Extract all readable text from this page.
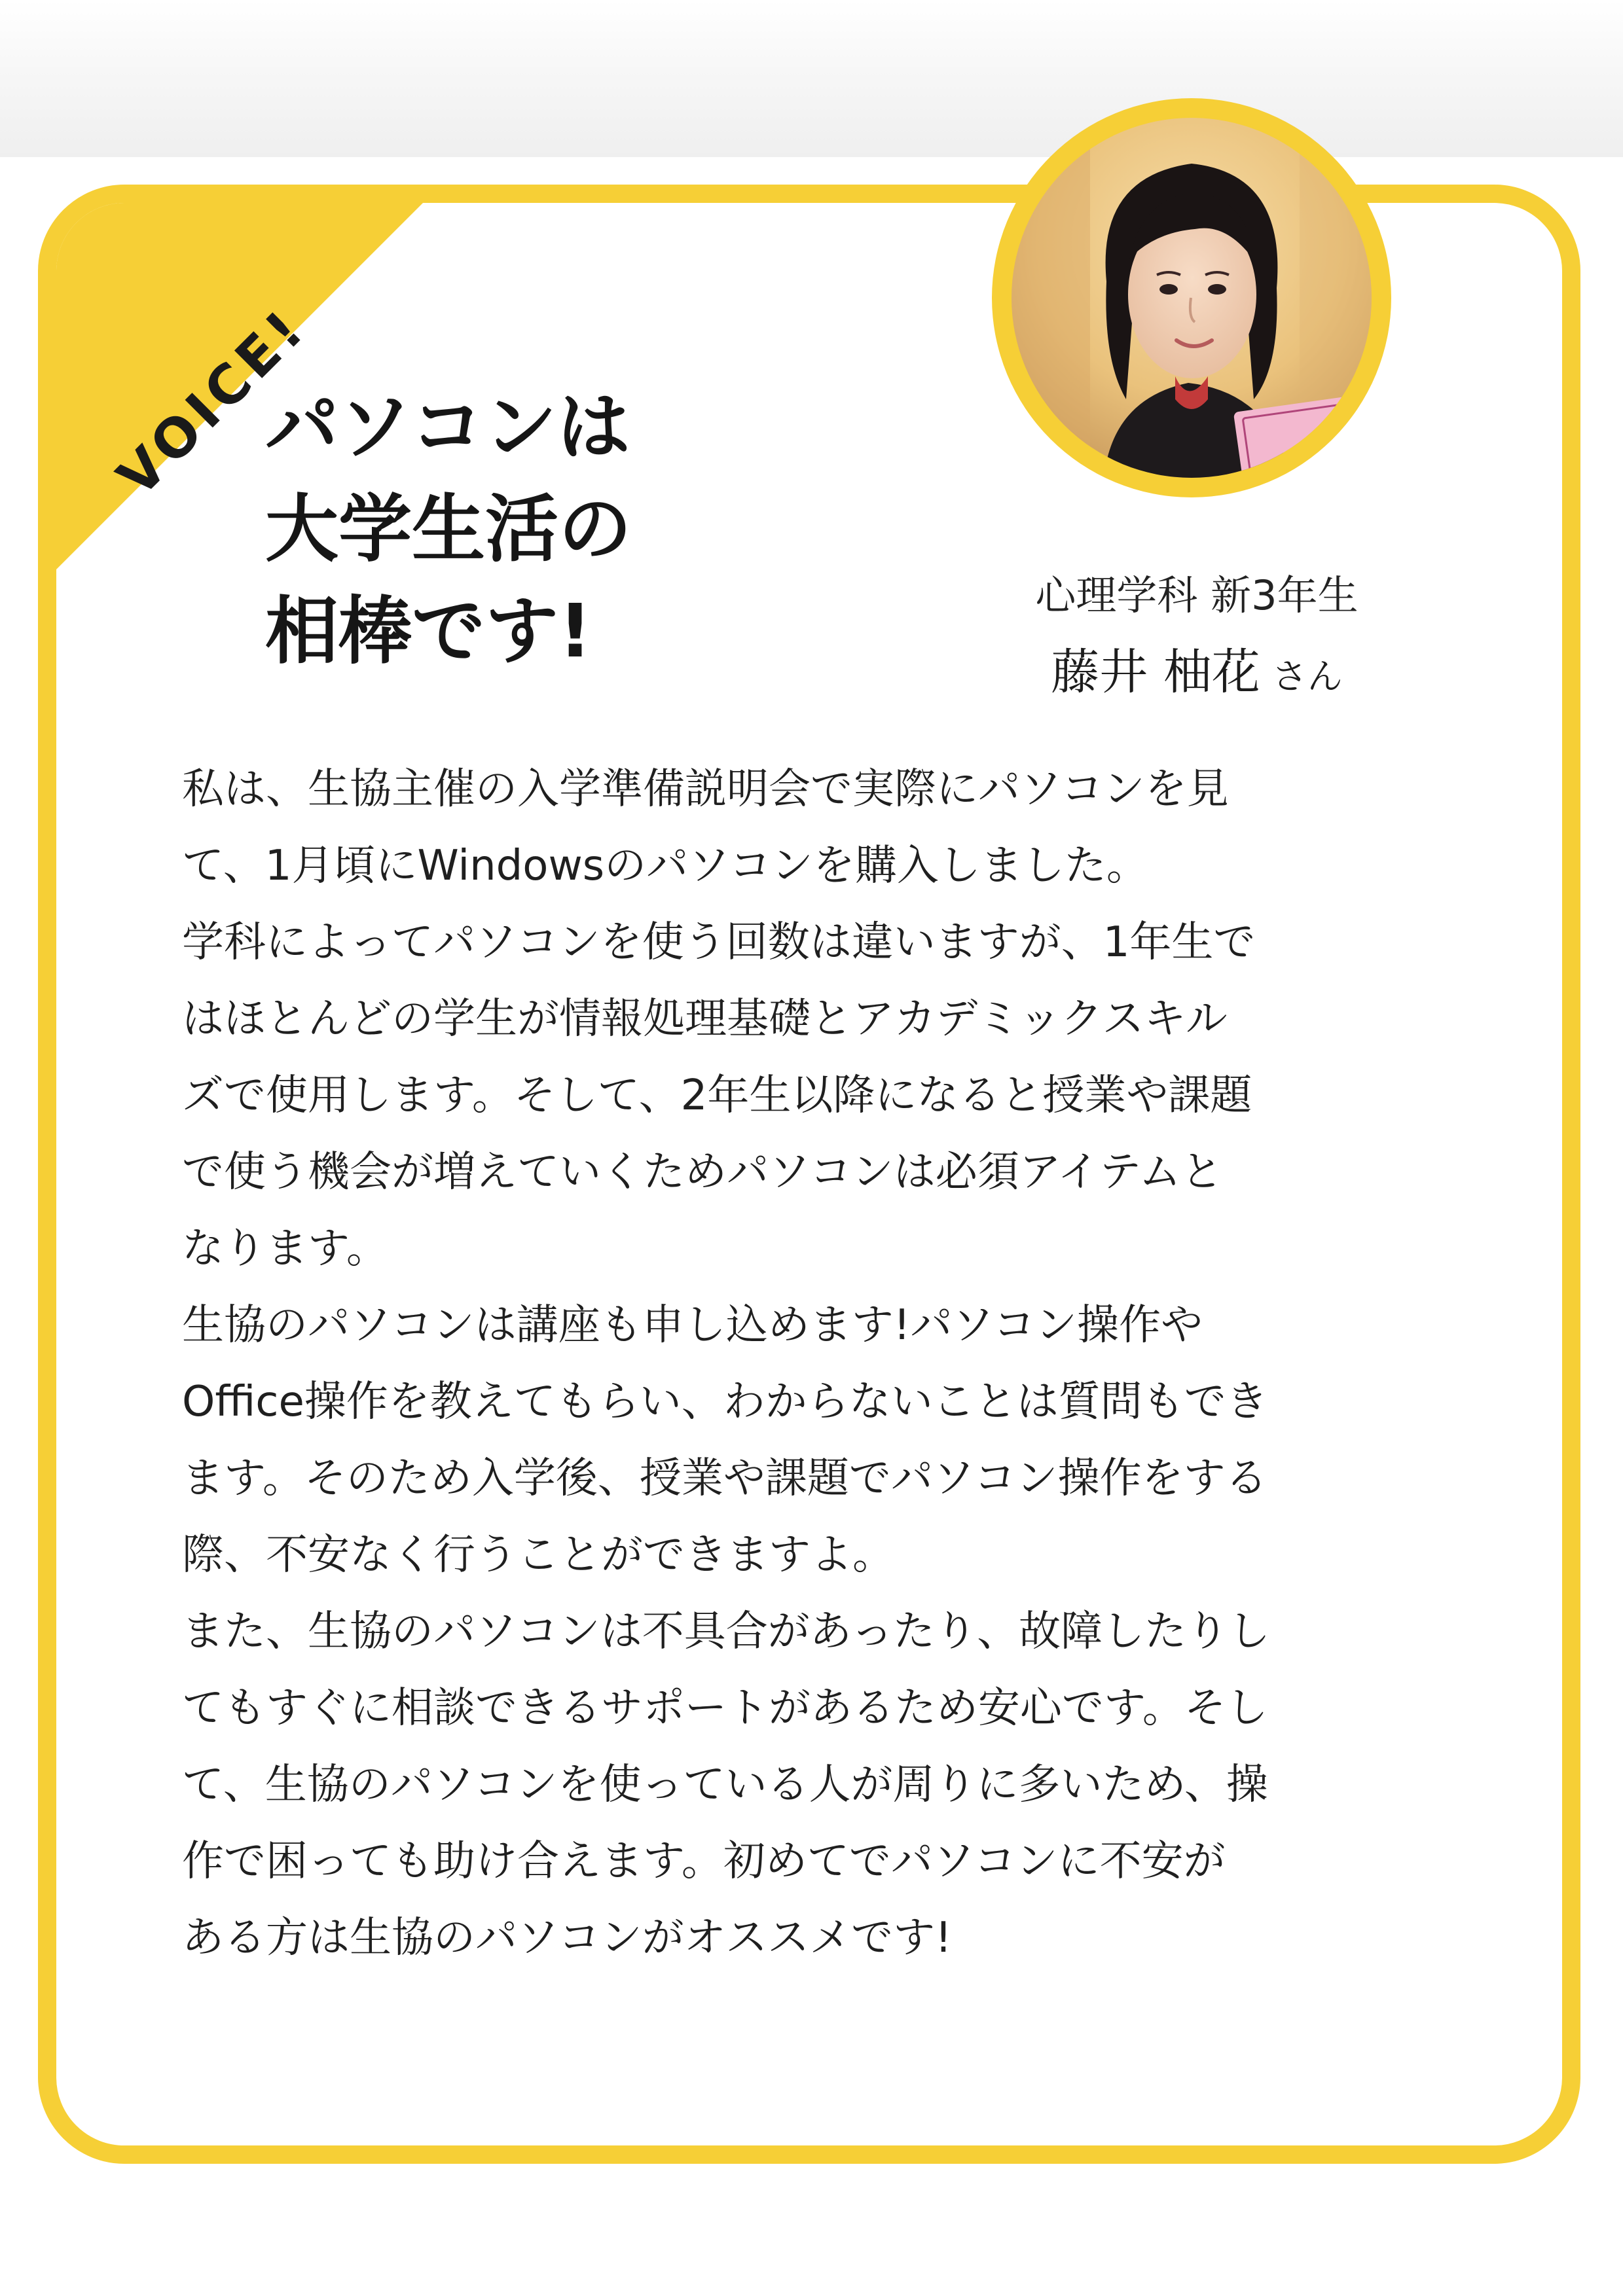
VOICE!
パソコンは
大学生活の
相棒です!	心理学科 新3年生
藤井 柚花 さん
私は、生協主催の入学準備説明会で実際にパソコンを見
て、1月頃にWindowsのパソコンを購入しました。
学科によってパソコンを使う回数は違いますが、1年生で
はほとんどの学生が情報処理基礎とアカデミックスキル
ズで使用します。そして、2年生以降になると授業や課題
で使う機会が増えていくためパソコンは必須アイテムと
なります。
生協のパソコンは講座も申し込めます!パソコン操作や
Office操作を教えてもらい、わからないことは質問もでき
ます。そのため入学後、授業や課題でパソコン操作をする
際、不安なく行うことができますよ。
また、生協のパソコンは不具合があったり、故障したりし
てもすぐに相談できるサポートがあるため安心です。そし
て、生協のパソコンを使っている人が周りに多いため、操
作で困っても助け合えます。初めてでパソコンに不安が
ある方は生協のパソコンがオススメです!
